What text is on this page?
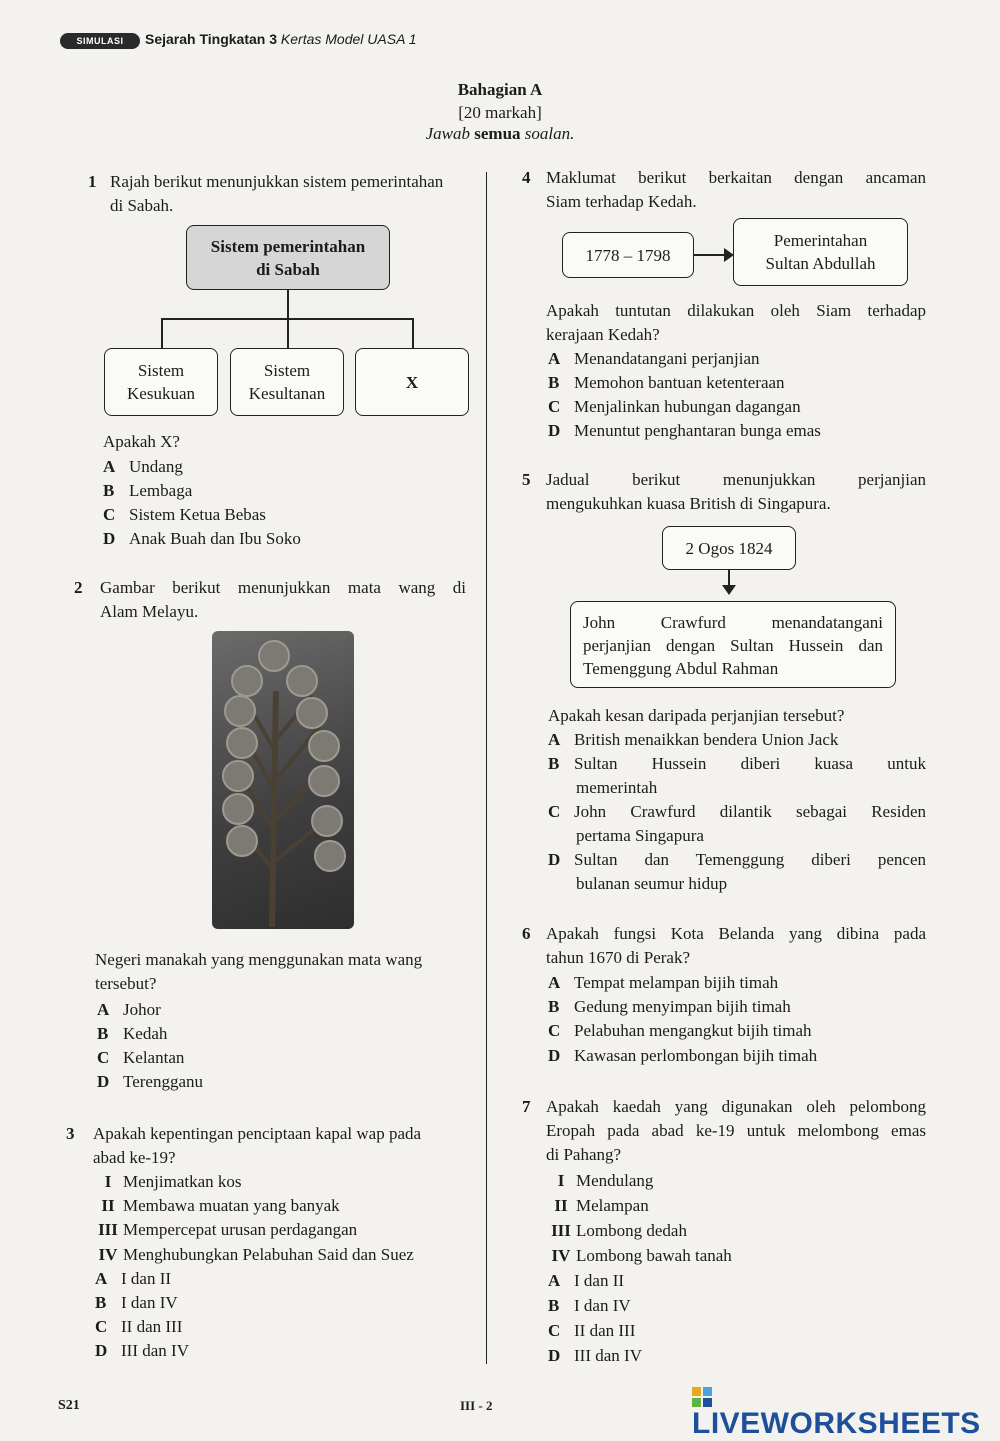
SIMULASI	Sejarah Tingkatan 3 Kertas Model UASA 1
Bahagian A
[20 markah]
Jawab semua soalan.
1 Rajah berikut menunjukkan sistem pemerintahan
di Sabah.
Sistem pemerintahan
di Sabah
Sistem
Kesukuan
Sistem
Kesultanan
X
Apakah X?
A Undang
B Lembaga
C Sistem Ketua Bebas
D Anak Buah dan Ibu Soko
2 Gambar berikut menunjukkan mata wang di
Alam Melayu.
Negeri manakah yang menggunakan mata wang
tersebut?
A Johor
B Kedah
C Kelantan
D Terengganu
3 Apakah kepentingan penciptaan kapal wap pada
abad ke-19?
I Menjimatkan kos
II Membawa muatan yang banyak
III Mempercepat urusan perdagangan
IV Menghubungkan Pelabuhan Said dan Suez
A I dan II
B I dan IV
C II dan III
D III dan IV
4 Maklumat berikut berkaitan dengan ancaman
Siam terhadap Kedah.
1778 – 1798
Pemerintahan
Sultan Abdullah
Apakah tuntutan dilakukan oleh Siam terhadap
kerajaan Kedah?
A Menandatangani perjanjian
B Memohon bantuan ketenteraan
C Menjalinkan hubungan dagangan
D Menuntut penghantaran bunga emas
5 Jadual berikut menunjukkan perjanjian
mengukuhkan kuasa British di Singapura.
2 Ogos 1824
John Crawfurd menandatangani
perjanjian dengan Sultan Hussein dan
Temenggung Abdul Rahman
Apakah kesan daripada perjanjian tersebut?
A British menaikkan bendera Union Jack
B Sultan Hussein diberi kuasa untuk
memerintah
C John Crawfurd dilantik sebagai Residen
pertama Singapura
D Sultan dan Temenggung diberi pencen
bulanan seumur hidup
6 Apakah fungsi Kota Belanda yang dibina pada
tahun 1670 di Perak?
A Tempat melampan bijih timah
B Gedung menyimpan bijih timah
C Pelabuhan mengangkut bijih timah
D Kawasan perlombongan bijih timah
7 Apakah kaedah yang digunakan oleh pelombong
Eropah pada abad ke-19 untuk melombong emas
di Pahang?
I Mendulang
II Melampan
III Lombong dedah
IV Lombong bawah tanah
A I dan II
B I dan IV
C II dan III
D III dan IV
S21	III - 2
LIVEWORKSHEETS
